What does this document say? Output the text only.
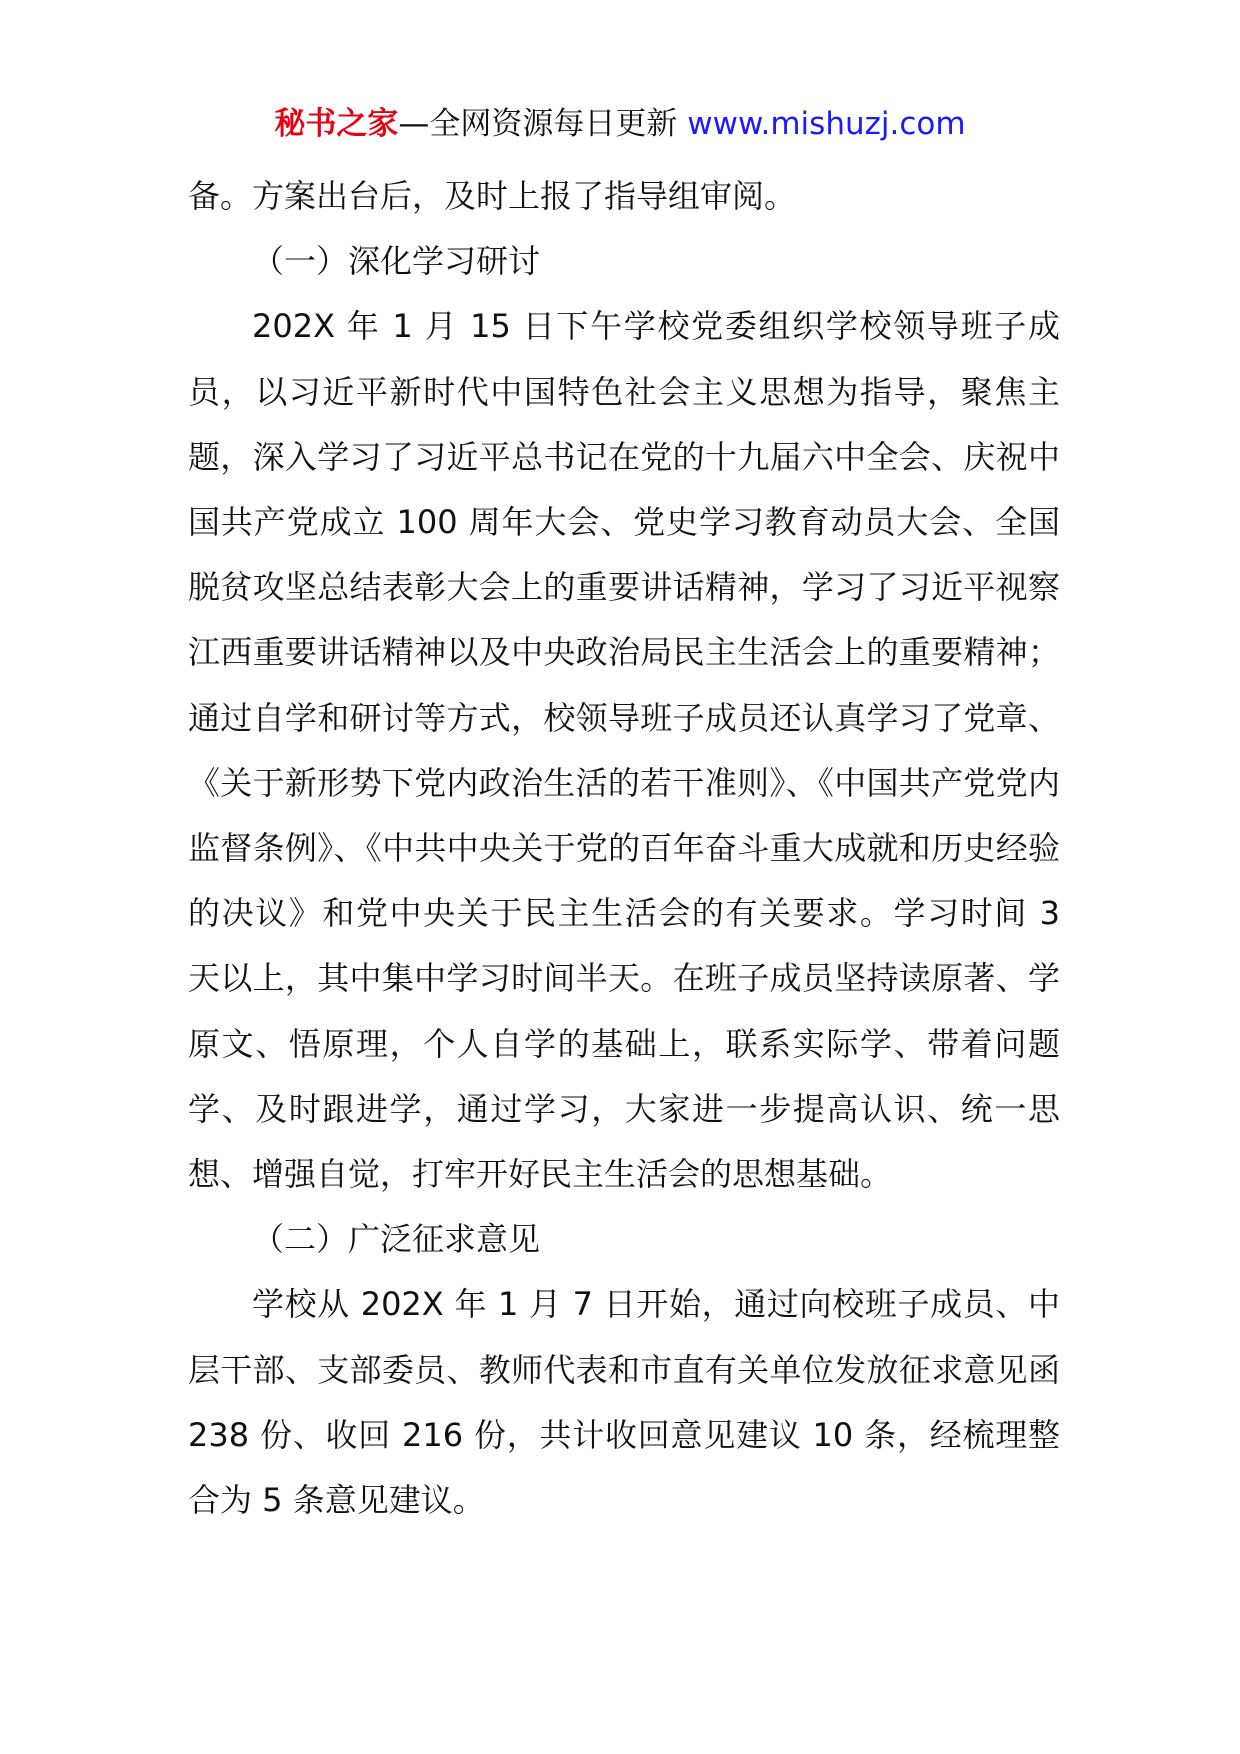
秘书之家—全网资源每日更新 www.mishuzj.com

备。方案出台后，及时上报了指导组审阅。

（一）深化学习研讨

202X 年 1 月 15 日下午学校党委组织学校领导班子成员，以习近平新时代中国特色社会主义思想为指导，聚焦主题，深入学习了习近平总书记在党的十九届六中全会、庆祝中国共产党成立 100 周年大会、党史学习教育动员大会、全国脱贫攻坚总结表彰大会上的重要讲话精神，学习了习近平视察江西重要讲话精神以及中央政治局民主生活会上的重要精神；通过自学和研讨等方式，校领导班子成员还认真学习了党章、《关于新形势下党内政治生活的若干准则》、《中国共产党党内监督条例》、《中共中央关于党的百年奋斗重大成就和历史经验的决议》和党中央关于民主生活会的有关要求。学习时间 3 天以上，其中集中学习时间半天。在班子成员坚持读原著、学原文、悟原理，个人自学的基础上，联系实际学、带着问题学、及时跟进学，通过学习，大家进一步提高认识、统一思想、增强自觉，打牢开好民主生活会的思想基础。

（二）广泛征求意见

学校从 202X 年 1 月 7 日开始，通过向校班子成员、中层干部、支部委员、教师代表和市直有关单位发放征求意见函 238 份、收回 216 份，共计收回意见建议 10 条，经梳理整合为 5 条意见建议。
